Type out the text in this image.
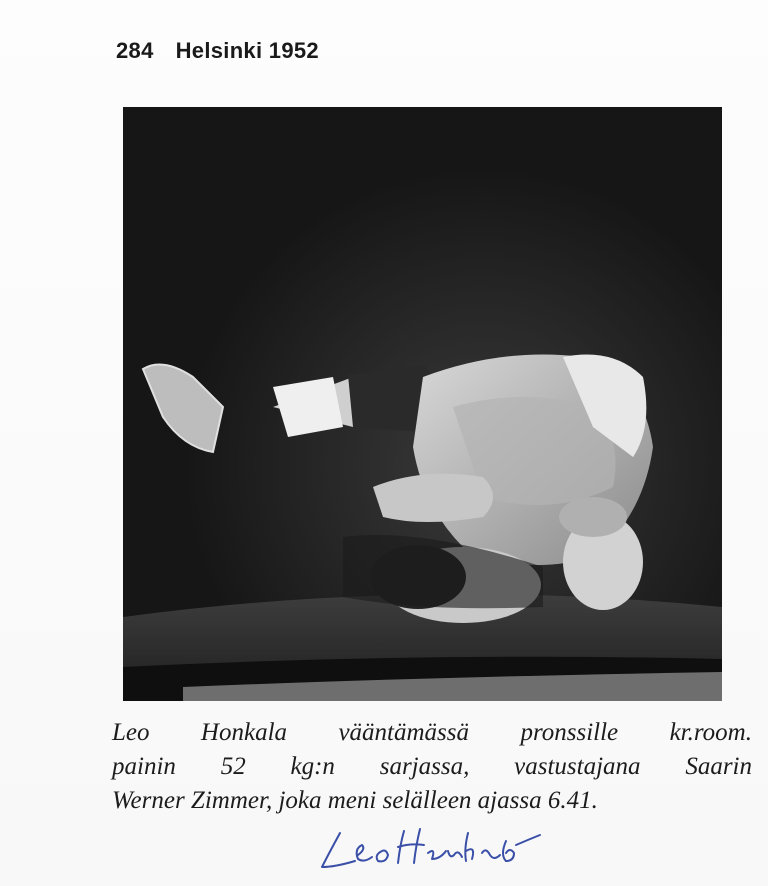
284 Helsinki 1952
Leo Honkala vääntämässä pronssille kr.room.
painin 52 kg:n sarjassa, vastustajana Saarin
Werner Zimmer, joka meni selälleen ajassa 6.41.
